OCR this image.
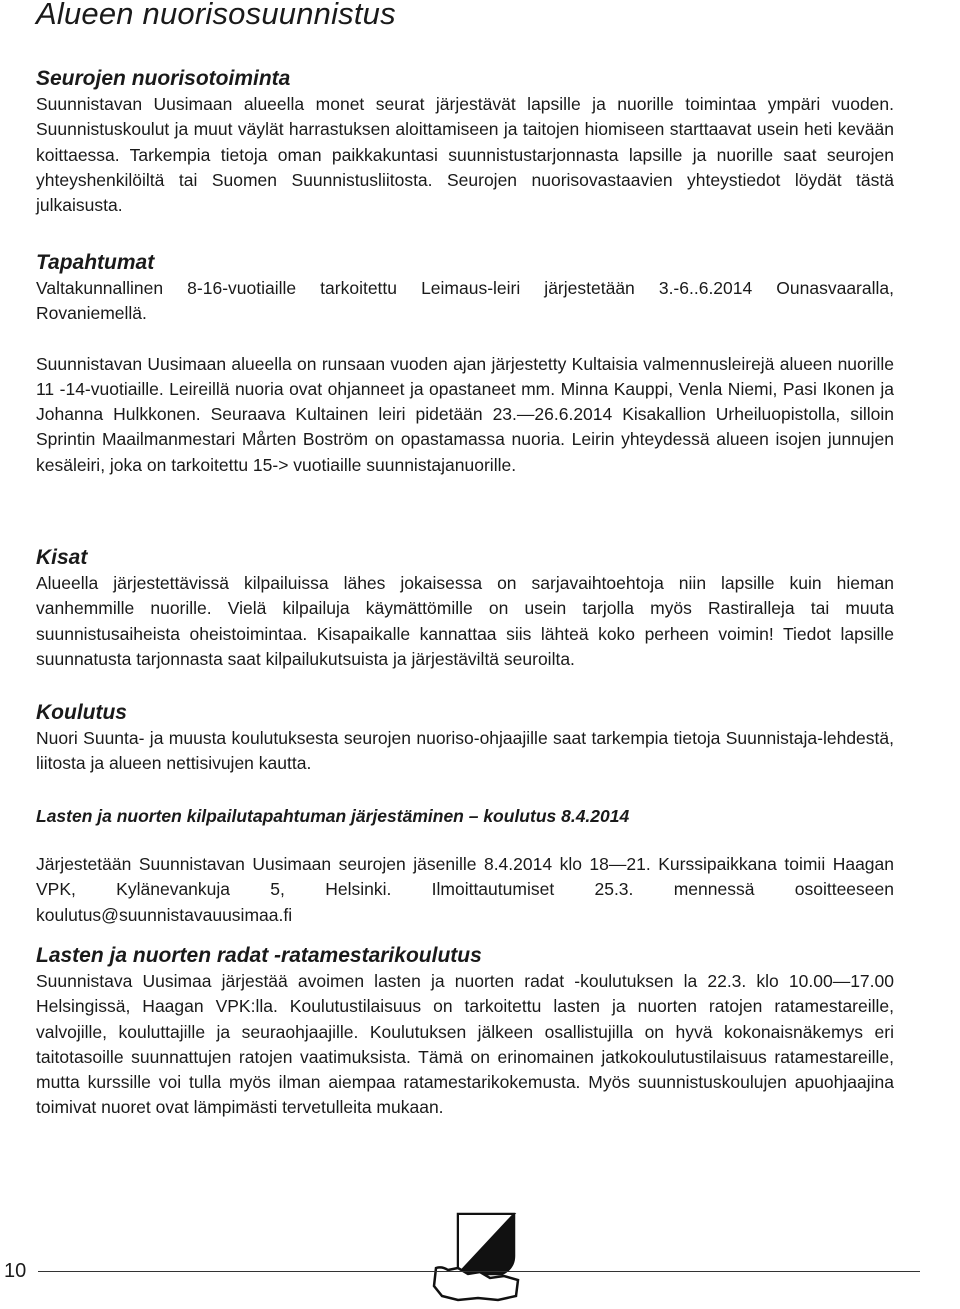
Alueen nuorisosuunnistus
Seurojen nuorisotoiminta

Suunnistavan Uusimaan alueella monet seurat järjestävät lapsille ja nuorille toimintaa ympäri vuoden. Suunnistuskoulut ja muut väylät harrastuksen aloittamiseen ja taitojen hiomiseen starttaavat usein heti kevään koittaessa. Tarkempia tietoja oman paikkakuntasi suunnistustarjonnasta lapsille ja nuorille saat seurojen yhteyshenkilöiltä tai Suomen Suunnistusliitosta. Seurojen nuorisovastaavien yhteystiedot löydät tästä julkaisusta.

Tapahtumat

Valtakunnallinen 8-16-vuotiaille tarkoitettu Leimaus-leiri järjestetään 3.-6..6.2014 Ounasvaaralla, Rovaniemellä.

Suunnistavan Uusimaan alueella on runsaan vuoden ajan järjestetty Kultaisia valmennusleirejä alueen nuorille 11 -14-vuotiaille. Leireillä nuoria ovat ohjanneet ja opastaneet mm. Minna Kauppi, Venla Niemi, Pasi Ikonen ja Johanna Hulkkonen. Seuraava Kultainen leiri pidetään 23.—26.6.2014 Kisakallion Urheiluopistolla, silloin Sprintin Maailmanmestari Mårten Boström on opastamassa nuoria. Leirin yhteydessä alueen isojen junnujen kesäleiri, joka on tarkoitettu 15-> vuotiaille suunnistajanuorille.

Kisat

Alueella järjestettävissä kilpailuissa lähes jokaisessa on sarjavaihtoehtoja niin lapsille kuin hieman vanhemmille nuorille. Vielä kilpailuja käymättömille on usein tarjolla myös Rastiralleja tai muuta suunnistusaiheista oheistoimintaa. Kisapaikalle kannattaa siis lähteä koko perheen voimin! Tiedot lapsille suunnatusta tarjonnasta saat kilpailukutsuista ja järjestäviltä seuroilta.

Koulutus

Nuori Suunta- ja muusta koulutuksesta seurojen nuoriso-ohjaajille saat tarkempia tietoja Suunnistaja-lehdestä, liitosta ja alueen nettisivujen kautta.

Lasten ja nuorten kilpailutapahtuman järjestäminen – koulutus 8.4.2014

Järjestetään Suunnistavan Uusimaan seurojen jäsenille 8.4.2014 klo 18—21. Kurssipaikkana toimii Haagan VPK, Kylänevankuja 5, Helsinki. Ilmoittautumiset 25.3. mennessä osoitteeseen koulutus@suunnistavauusimaa.fi

Lasten ja nuorten radat -ratamestarikoulutus

Suunnistava Uusimaa järjestää avoimen lasten ja nuorten radat -koulutuksen la 22.3. klo 10.00—17.00 Helsingissä, Haagan VPK:lla. Koulutustilaisuus on tarkoitettu lasten ja nuorten ratojen ratamestareille, valvojille, kouluttajille ja seuraohjaajille. Koulutuksen jälkeen osallistujilla on hyvä kokonaisnäkemys eri taitotasoille suunnattujen ratojen vaatimuksista. Tämä on erinomainen jatkokoulutustilaisuus ratamestareille, mutta kurssille voi tulla myös ilman aiempaa ratamestarikokemusta. Myös suunnistuskoulujen apuohjaajina toimivat nuoret ovat lämpimästi tervetulleita mukaan.

10
